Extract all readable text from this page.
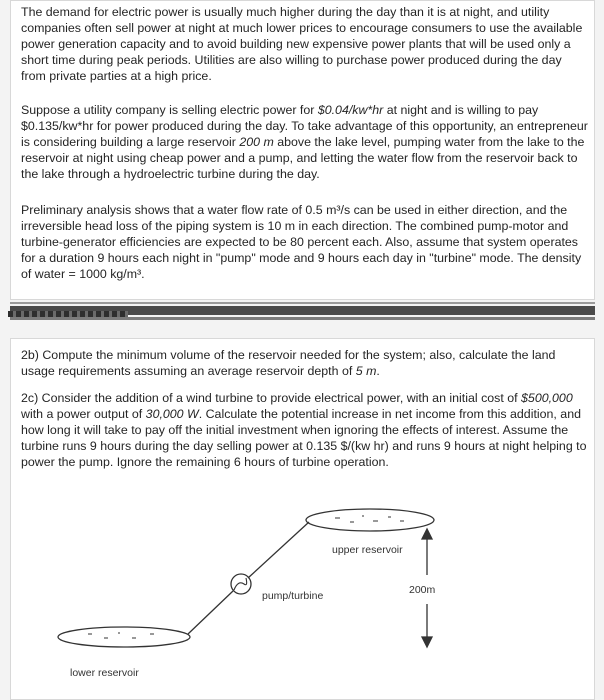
The demand for electric power is usually much higher during the day than it is at night, and utility companies often sell power at night at much lower prices to encourage consumers to use the available power generation capacity and to avoid building new expensive power plants that will be used only a short time during peak periods. Utilities are also willing to purchase power produced during the day from private parties at a high price.

Suppose a utility company is selling electric power for $0.04/kw*hr at night and is willing to pay $0.135/kw*hr for power produced during the day. To take advantage of this opportunity, an entrepreneur is considering building a large reservoir 200 m above the lake level, pumping water from the lake to the reservoir at night using cheap power and a pump, and letting the water flow from the reservoir back to the lake through a hydroelectric turbine during the day.

Preliminary analysis shows that a water flow rate of 0.5 m³/s can be used in either direction, and the irreversible head loss of the piping system is 10 m in each direction. The combined pump-motor and turbine-generator efficiencies are expected to be 80 percent each. Also, assume that system operates for a duration 9 hours each night in "pump" mode and 9 hours each day in "turbine" mode. The density of water = 1000 kg/m³.

2b) Compute the minimum volume of the reservoir needed for the system; also, calculate the land usage requirements assuming an average reservoir depth of 5 m.

2c) Consider the addition of a wind turbine to provide electrical power, with an initial cost of $500,000 with a power output of 30,000 W. Calculate the potential increase in net income from this addition, and how long it will take to pay off the initial investment when ignoring the effects of interest. Assume the turbine runs 9 hours during the day selling power at 0.135 $/(kw hr) and runs 9 hours at night helping to power the pump. Ignore the remaining 6 hours of turbine operation.

upper reservoir
pump/turbine	200m
lower reservoir
